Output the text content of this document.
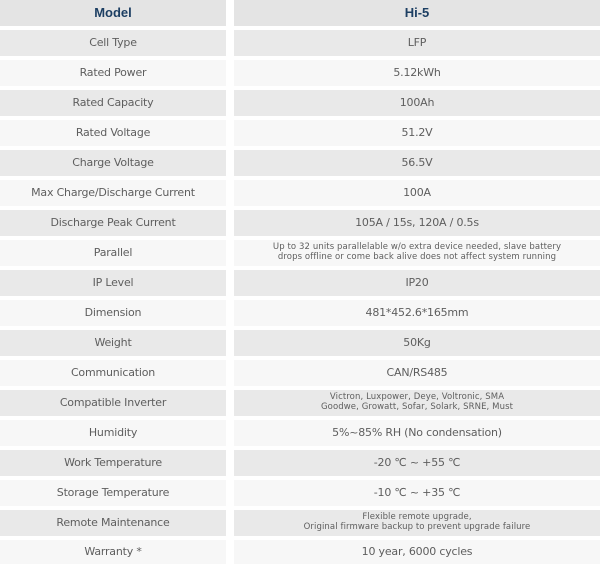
Model	Hi-5
Cell Type	LFP
Rated Power	5.12kWh
Rated Capacity	100Ah
Rated Voltage	51.2V
Charge Voltage	56.5V
Max Charge/Discharge Current	100A
Discharge Peak Current	105A / 15s, 120A / 0.5s
Parallel	Up to 32 units parallelable w/o extra device needed, slave battery
drops offline or come back alive does not affect system running
IP Level	IP20
Dimension	481*452.6*165mm
Weight	50Kg
Communication	CAN/RS485
Compatible Inverter	Victron, Luxpower, Deye, Voltronic, SMA
Goodwe, Growatt, Sofar, Solark, SRNE, Must
Humidity	5%~85% RH (No condensation)
Work Temperature	-20 ℃ ~ +55 ℃
Storage Temperature	-10 ℃ ~ +35 ℃
Remote Maintenance	Flexible remote upgrade,
Original firmware backup to prevent upgrade failure
Warranty *	10 year, 6000 cycles
